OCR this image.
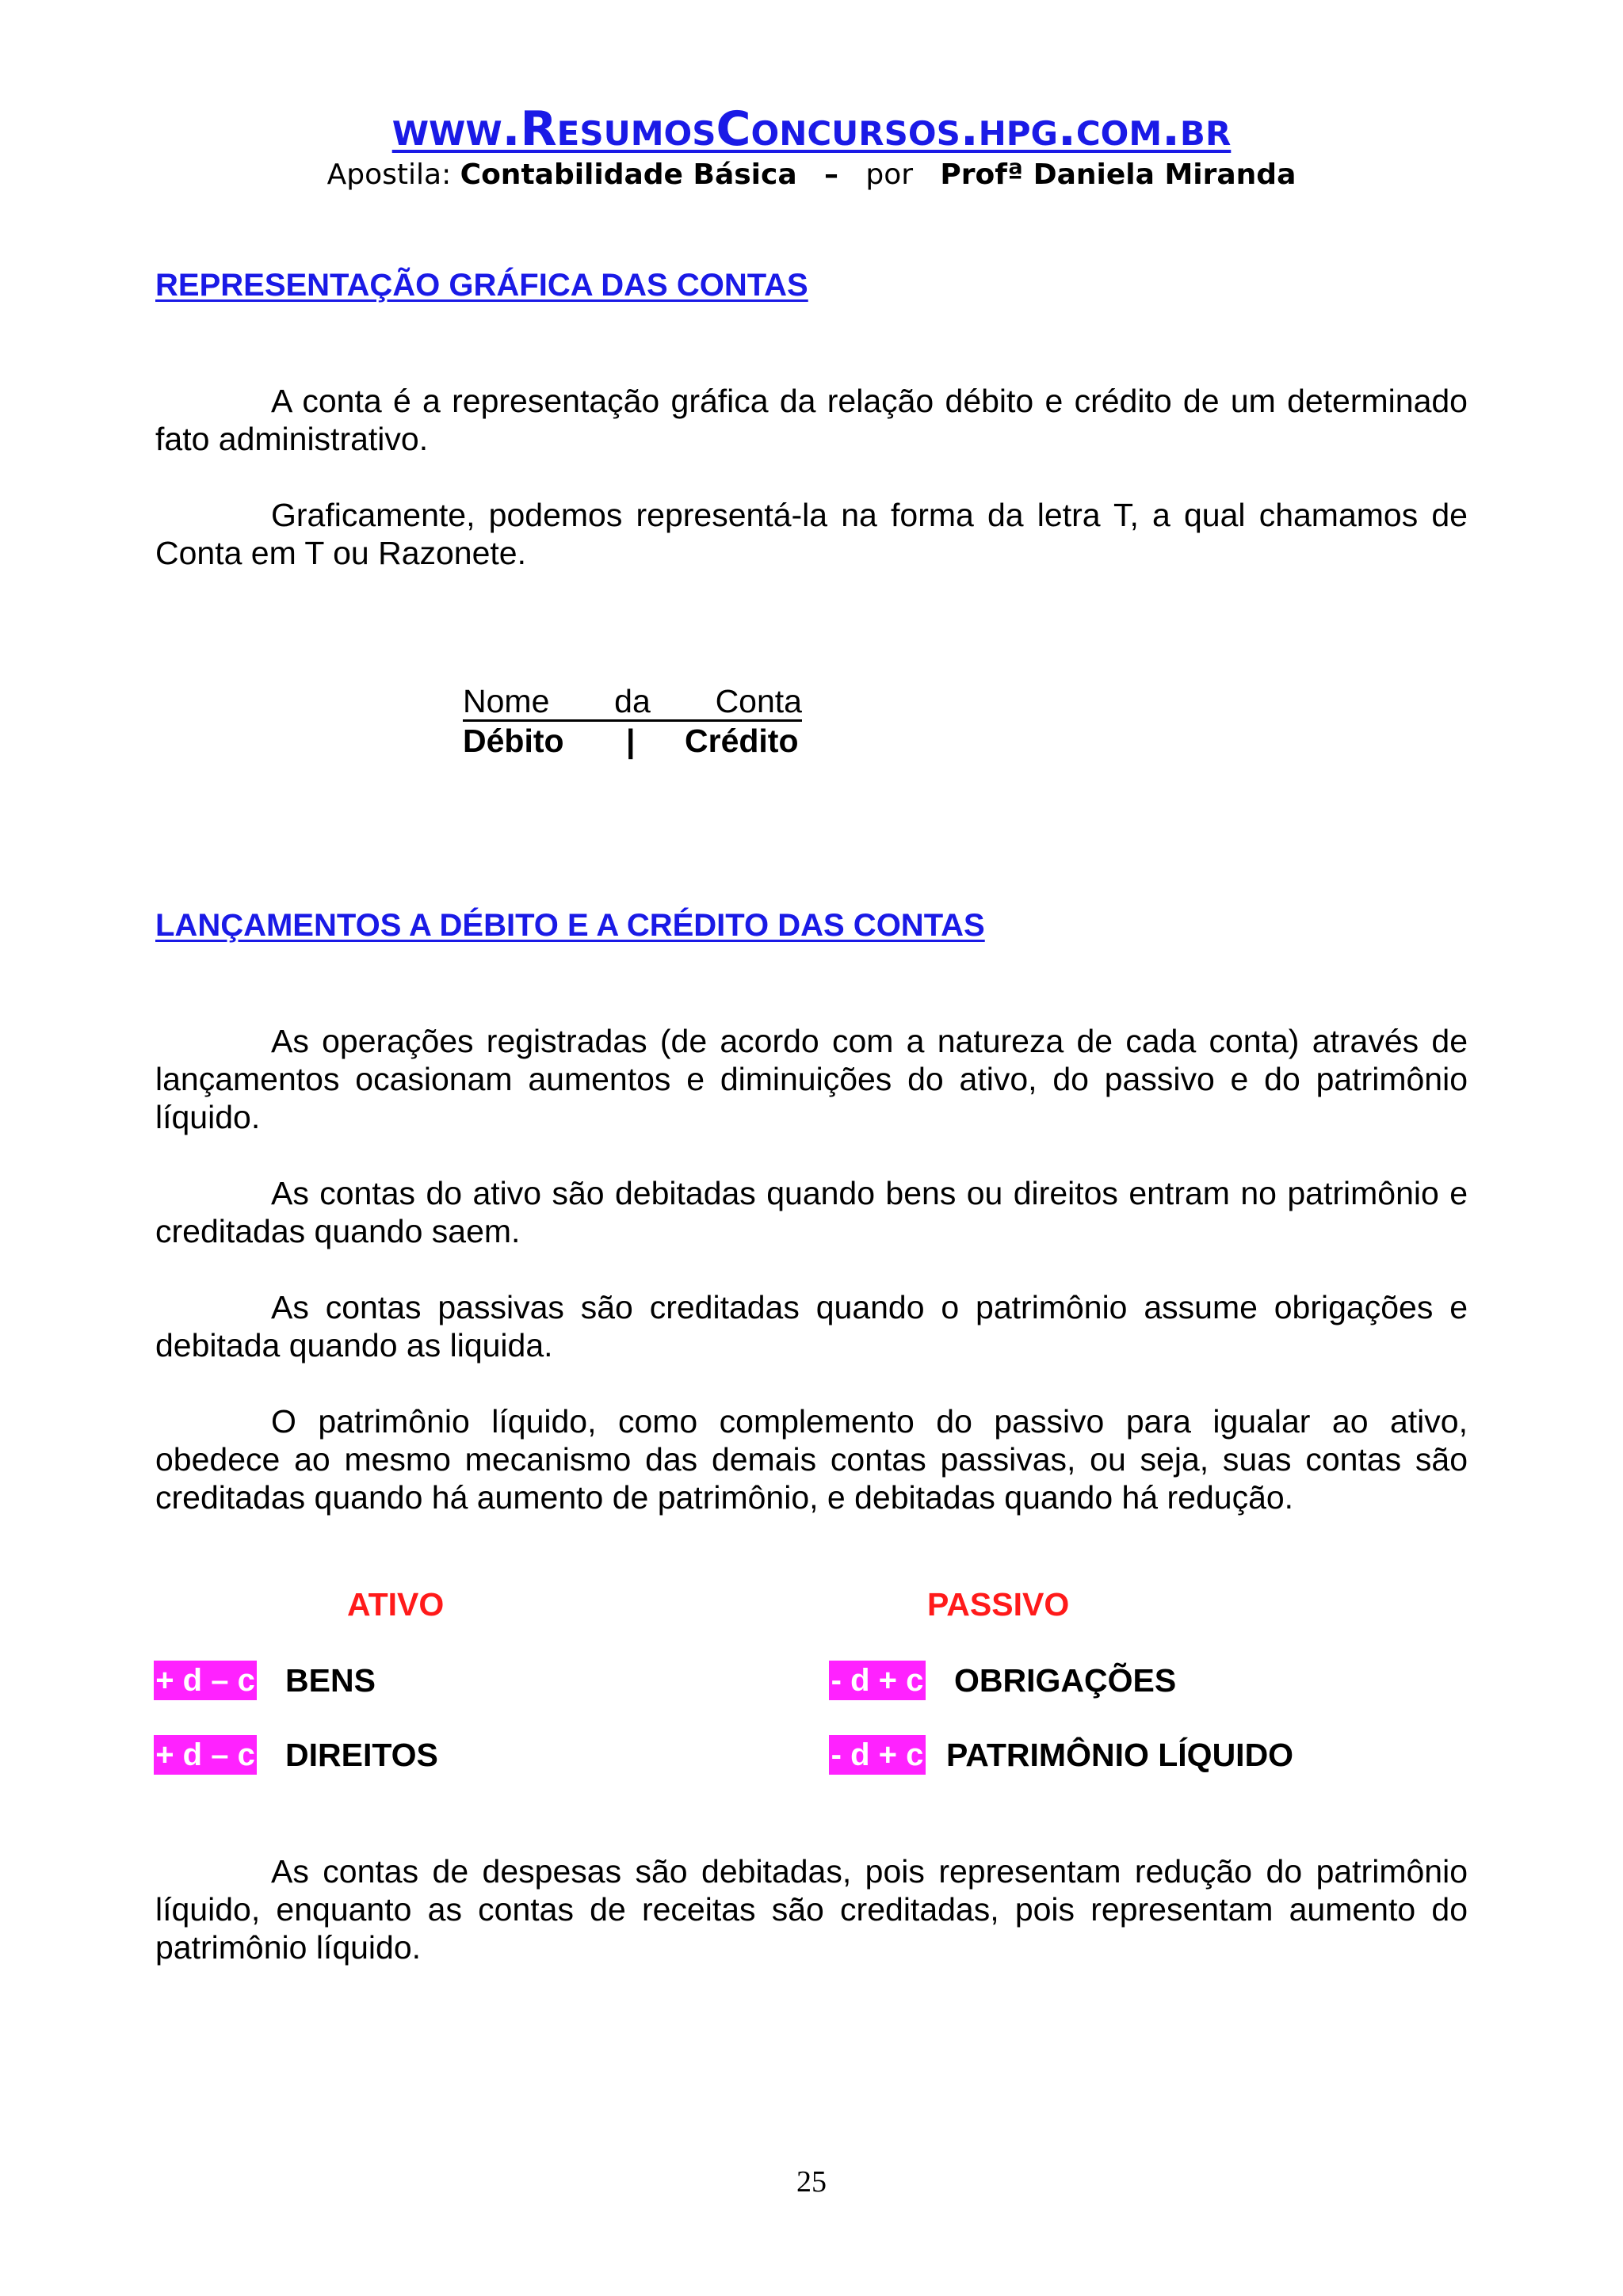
www.ResumosConcursos.hpg.com.br
Apostila: Contabilidade Básica – por Profª Daniela Miranda
REPRESENTAÇÃO GRÁFICA DAS CONTAS
A conta é a representação gráfica da relação débito e crédito de um determinado fato administrativo.
Graficamente, podemos representá-la na forma da letra T, a qual chamamos de Conta em T ou Razonete.
Nome da Conta
Débito | Crédito
LANÇAMENTOS A DÉBITO E A CRÉDITO DAS CONTAS
As operações registradas (de acordo com a natureza de cada conta) através de lançamentos ocasionam aumentos e diminuições do ativo, do passivo e do patrimônio líquido.
As contas do ativo são debitadas quando bens ou direitos entram no patrimônio e creditadas quando saem.
As contas passivas são creditadas quando o patrimônio assume obrigações e debitada quando as liquida.
O patrimônio líquido, como complemento do passivo para igualar ao ativo, obedece ao mesmo mecanismo das demais contas passivas, ou seja, suas contas são creditadas quando há aumento de patrimônio, e debitadas quando há redução.
ATIVO	PASSIVO
+ d – c BENS
+ d – c DIREITOS
- d + c OBRIGAÇÕES
- d + c PATRIMÔNIO LÍQUIDO
As contas de despesas são debitadas, pois representam redução do patrimônio líquido, enquanto as contas de receitas são creditadas, pois representam aumento do patrimônio líquido.
25
